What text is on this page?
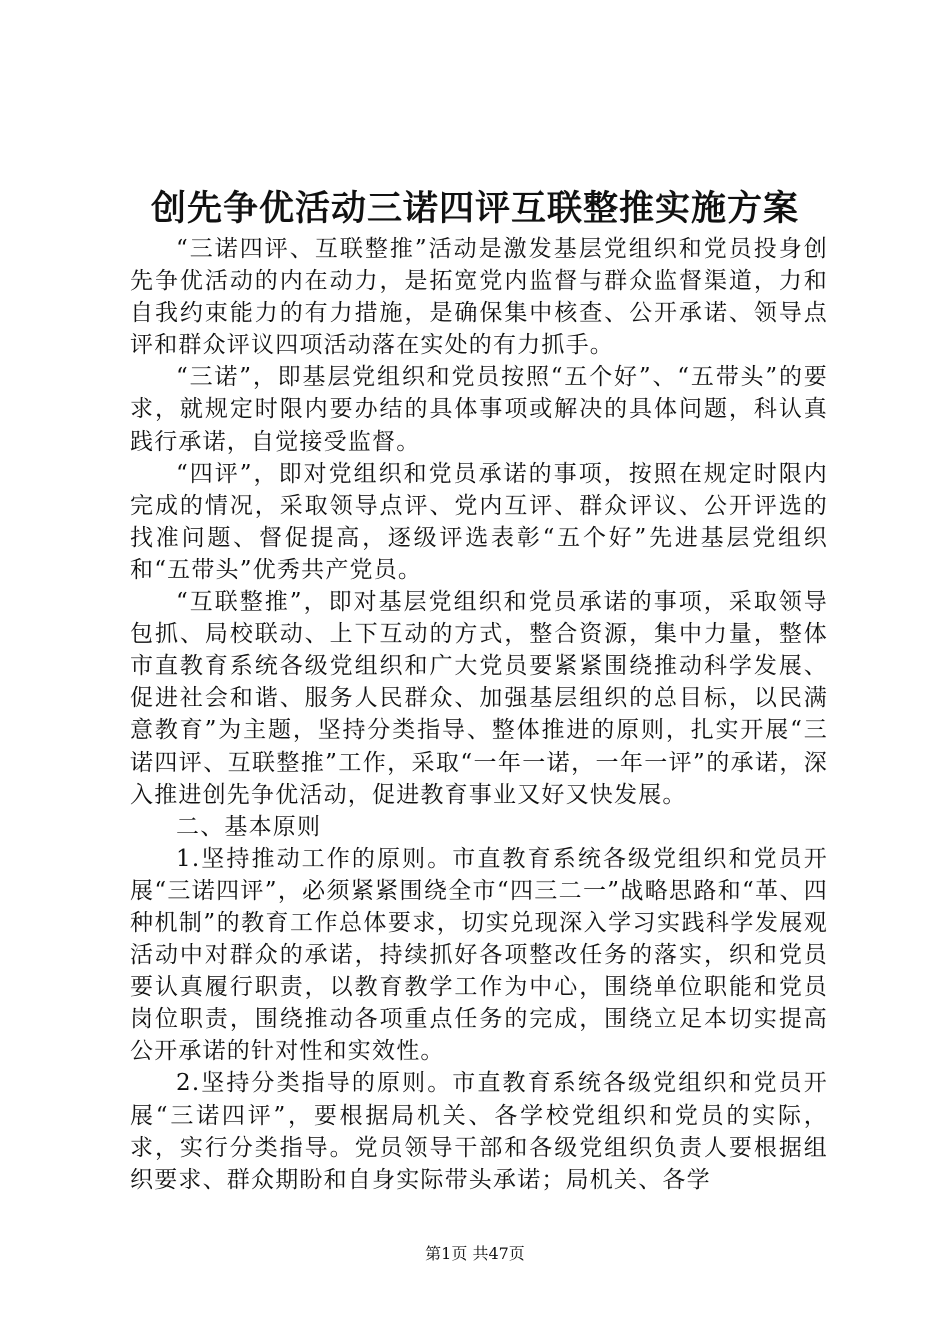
创先争优活动三诺四评互联整推实施方案

“三诺四评、互联整推”活动是激发基层党组织和党员投身创先争优活动的内在动力，是拓宽党内监督与群众监督渠道，力和自我约束能力的有力措施，是确保集中核查、公开承诺、领导点评和群众评议四项活动落在实处的有力抓手。

“三诺”，即基层党组织和党员按照“五个好”、“五带头”的要求，就规定时限内要办结的具体事项或解决的具体问题，科认真践行承诺，自觉接受监督。

“四评”，即对党组织和党员承诺的事项，按照在规定时限内完成的情况，采取领导点评、党内互评、群众评议、公开评选的找准问题、督促提高，逐级评选表彰“五个好”先进基层党组织和“五带头”优秀共产党员。

“互联整推”，即对基层党组织和党员承诺的事项，采取领导包抓、局校联动、上下互动的方式，整合资源，集中力量，整体市直教育系统各级党组织和广大党员要紧紧围绕推动科学发展、促进社会和谐、服务人民群众、加强基层组织的总目标，以民满意教育”为主题，坚持分类指导、整体推进的原则，扎实开展“三诺四评、互联整推”工作，采取“一年一诺，一年一评”的承诺，深入推进创先争优活动，促进教育事业又好又快发展。

二、基本原则

1.坚持推动工作的原则。市直教育系统各级党组织和党员开展“三诺四评”，必须紧紧围绕全市“四三二一”战略思路和“革、四种机制”的教育工作总体要求，切实兑现深入学习实践科学发展观活动中对群众的承诺，持续抓好各项整改任务的落实，织和党员要认真履行职责，以教育教学工作为中心，围绕单位职能和党员岗位职责，围绕推动各项重点任务的完成，围绕立足本切实提高公开承诺的针对性和实效性。

2.坚持分类指导的原则。市直教育系统各级党组织和党员开展“三诺四评”，要根据局机关、各学校党组织和党员的实际，求，实行分类指导。党员领导干部和各级党组织负责人要根据组织要求、群众期盼和自身实际带头承诺；局机关、各学

第1页 共47页
